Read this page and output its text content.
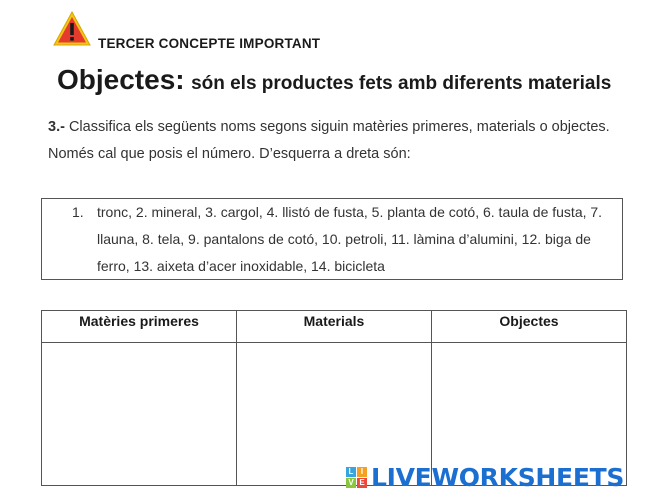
TERCER CONCEPTE IMPORTANT
Objectes: són els productes fets amb diferents materials
3.- Classifica els següents noms segons siguin matèries primeres, materials o objectes. Només cal que posis el número. D’esquerra a dreta són:
1. tronc, 2. mineral, 3. cargol, 4. llistó de fusta, 5. planta de cotó, 6. taula de fusta, 7. llauna, 8. tela, 9. pantalons de cotó, 10. petroli, 11. làmina d’alumini, 12. biga de ferro, 13. aixeta d’acer inoxidable, 14. bicicleta
Matèries primeres	Materials	Objectes

L I
V E LIVEWORKSHEETS
